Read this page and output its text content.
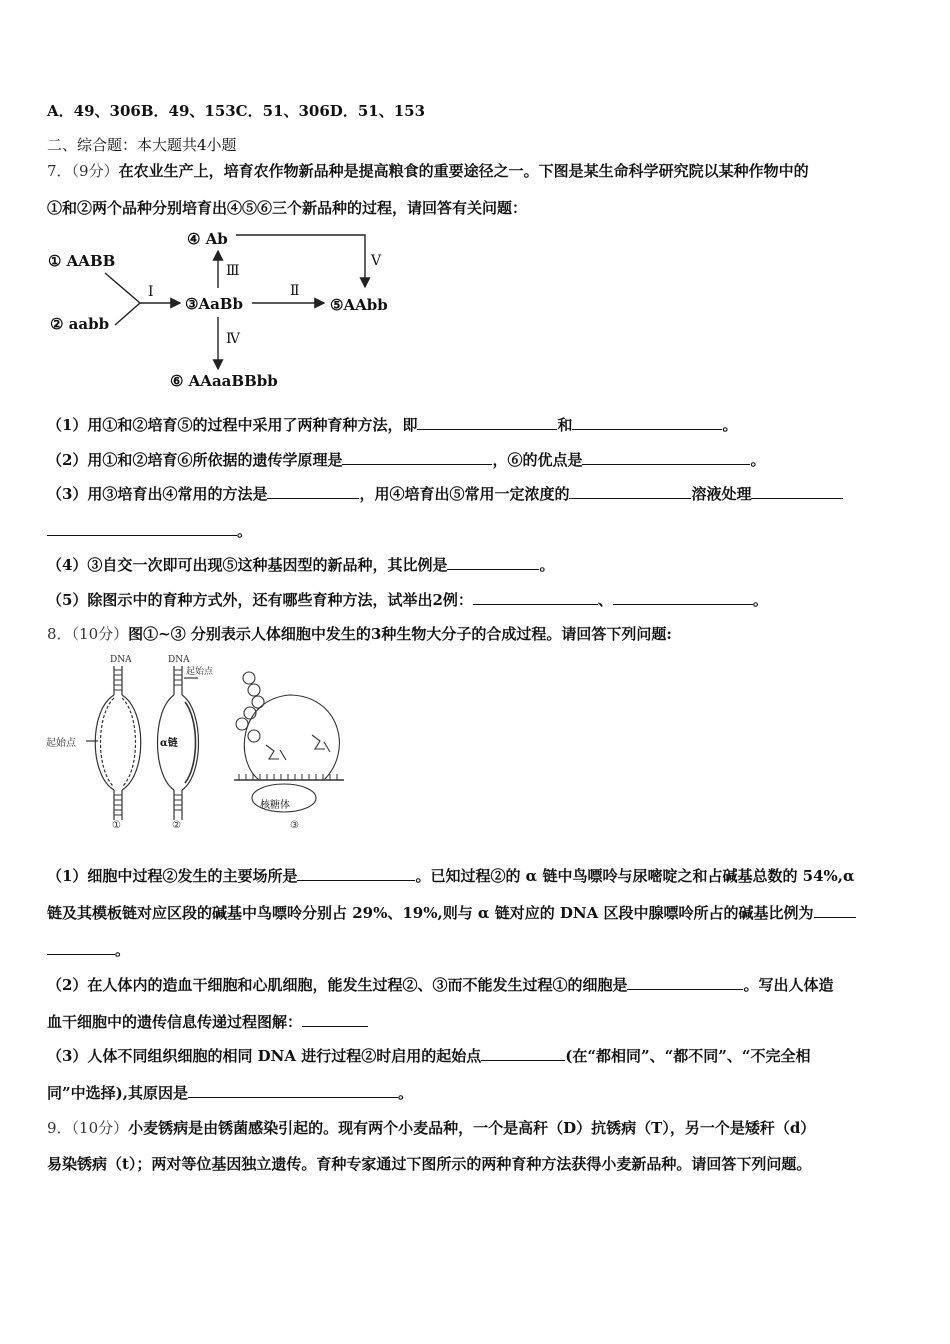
A．49、306B．49、153C．51、306D．51、153
二、综合题：本大题共4小题
7．（9分）在农业生产上，培育农作物新品种是提高粮食的重要途径之一。下图是某生命科学研究院以某种作物中的
①和②两个品种分别培育出④⑤⑥三个新品种的过程，请回答有关问题：
① AABB
② aabb
③AaBb
④ Ab
⑤AAbb
⑥ AAaaBBbb
Ⅰ	Ⅱ
Ⅲ
Ⅴ
Ⅳ
（1）用①和②培育⑤的过程中采用了两种育种方法，即	和	。
（2）用①和②培育⑥所依据的遗传学原理是	，⑥的优点是	。
（3）用③培育出④常用的方法是	，用④培育出⑤常用一定浓度的	溶液处理
。
（4）③自交一次即可出现⑤这种基因型的新品种，其比例是	。
（5）除图示中的育种方式外，还有哪些育种方法，试举出2例：	、	。
8．（10分）图①~③ 分别表示人体细胞中发生的3种生物大分子的合成过程。请回答下列问题:
DNA	DNA
起始点
起始点	α链
核糖体
①	②	③
（1）细胞中过程②发生的主要场所是	。已知过程②的 α 链中鸟嘌呤与尿嘧啶之和占碱基总数的 54%,α
链及其模板链对应区段的碱基中鸟嘌呤分别占 29%、19%,则与 α 链对应的 DNA 区段中腺嘌呤所占的碱基比例为
。
（2）在人体内的造血干细胞和心肌细胞，能发生过程②、③而不能发生过程①的细胞是	。写出人体造
血干细胞中的遗传信息传递过程图解：
（3）人体不同组织细胞的相同 DNA 进行过程②时启用的起始点	(在“都相同”、“都不同”、“不完全相
同”中选择),其原因是	。
9．（10分）小麦锈病是由锈菌感染引起的。现有两个小麦品种，一个是高秆（D）抗锈病（T），另一个是矮秆（d）
易染锈病（t）；两对等位基因独立遗传。育种专家通过下图所示的两种育种方法获得小麦新品种。请回答下列问题。
